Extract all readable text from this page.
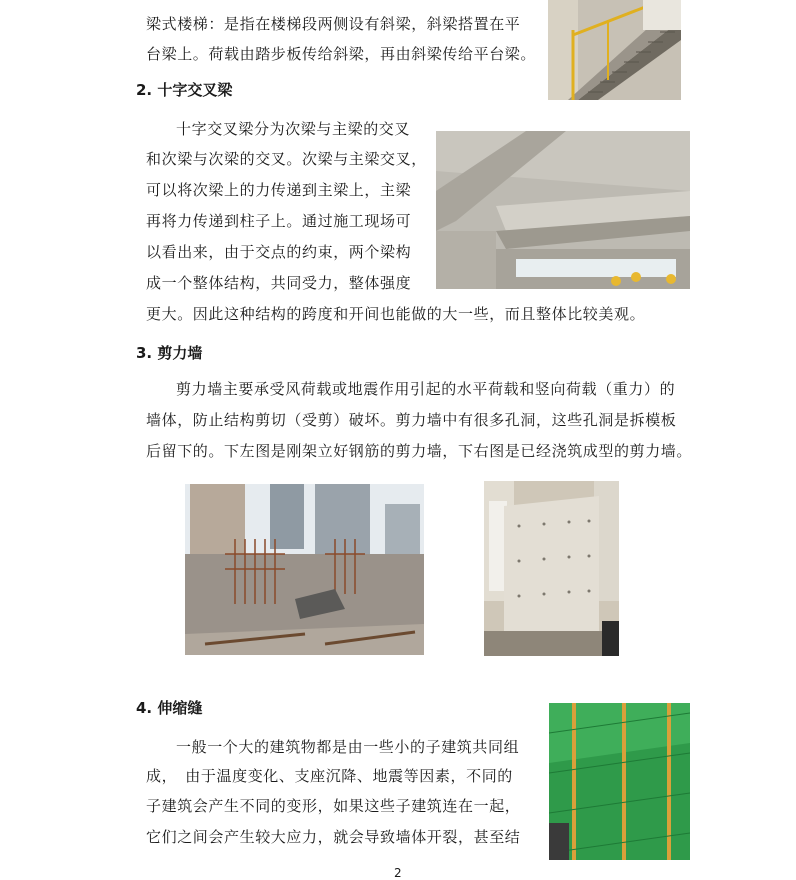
梁式楼梯：是指在楼梯段两侧设有斜梁，斜梁搭置在平
台梁上。荷载由踏步板传给斜梁，再由斜梁传给平台梁。
2. 十字交叉梁
十字交叉梁分为次梁与主梁的交叉
和次梁与次梁的交叉。次梁与主梁交叉，
可以将次梁上的力传递到主梁上，主梁
再将力传递到柱子上。通过施工现场可
以看出来，由于交点的约束，两个梁构
成一个整体结构，共同受力，整体强度
更大。因此这种结构的跨度和开间也能做的大一些，而且整体比较美观。
3. 剪力墙
剪力墙主要承受风荷载或地震作用引起的水平荷载和竖向荷载（重力）的
墙体，防止结构剪切（受剪）破坏。剪力墙中有很多孔洞，这些孔洞是拆模板
后留下的。下左图是刚架立好钢筋的剪力墙，下右图是已经浇筑成型的剪力墙。
4. 伸缩缝
一般一个大的建筑物都是由一些小的子建筑共同组
成，　由于温度变化、支座沉降、地震等因素，不同的
子建筑会产生不同的变形，如果这些子建筑连在一起，
它们之间会产生较大应力，就会导致墙体开裂，甚至结
2
